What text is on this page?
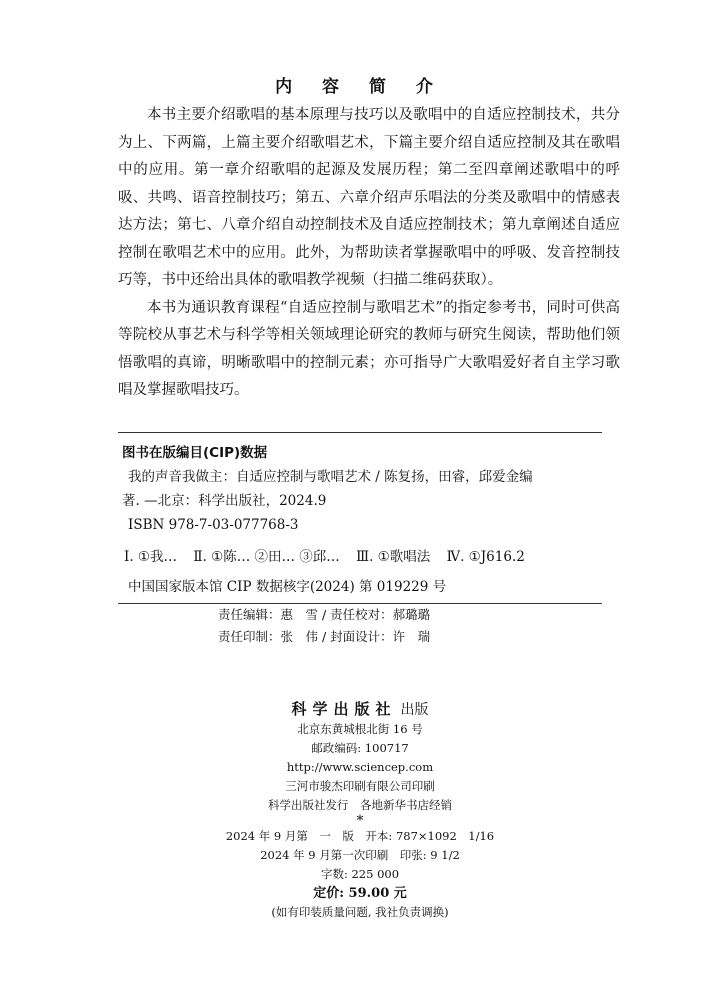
内 容 简 介

本书主要介绍歌唱的基本原理与技巧以及歌唱中的自适应控制技术，共分为上、下两篇，上篇主要介绍歌唱艺术，下篇主要介绍自适应控制及其在歌唱中的应用。第一章介绍歌唱的起源及发展历程；第二至四章阐述歌唱中的呼吸、共鸣、语音控制技巧；第五、六章介绍声乐唱法的分类及歌唱中的情感表达方法；第七、八章介绍自动控制技术及自适应控制技术；第九章阐述自适应控制在歌唱艺术中的应用。此外，为帮助读者掌握歌唱中的呼吸、发音控制技巧等，书中还给出具体的歌唱教学视频（扫描二维码获取）。

本书为通识教育课程“自适应控制与歌唱艺术”的指定参考书，同时可供高等院校从事艺术与科学等相关领域理论研究的教师与研究生阅读，帮助他们领悟歌唱的真谛，明晰歌唱中的控制元素；亦可指导广大歌唱爱好者自主学习歌唱及掌握歌唱技巧。

图书在版编目(CIP)数据
我的声音我做主：自适应控制与歌唱艺术 / 陈复扬，田睿，邱爱金编
著. —北京：科学出版社，2024.9
ISBN 978-7-03-077768-3
Ⅰ. ①我… Ⅱ. ①陈… ②田… ③邱… Ⅲ. ①歌唱法 Ⅳ. ①J616.2
中国国家版本馆 CIP 数据核字(2024) 第 019229 号
责任编辑：惠　雪 / 责任校对：郝璐璐
责任印制：张　伟 / 封面设计：许　瑞
科学出版社 出版
北京东黄城根北街 16 号
邮政编码: 100717
http://www.sciencep.com
三河市骏杰印刷有限公司印刷
科学出版社发行　各地新华书店经销
*
2024 年 9 月第　一　版　开本: 787×1092　1/16
2024 年 9 月第一次印刷　印张: 9 1/2
字数: 225 000
定价: 59.00 元
(如有印装质量问题, 我社负责调换)
